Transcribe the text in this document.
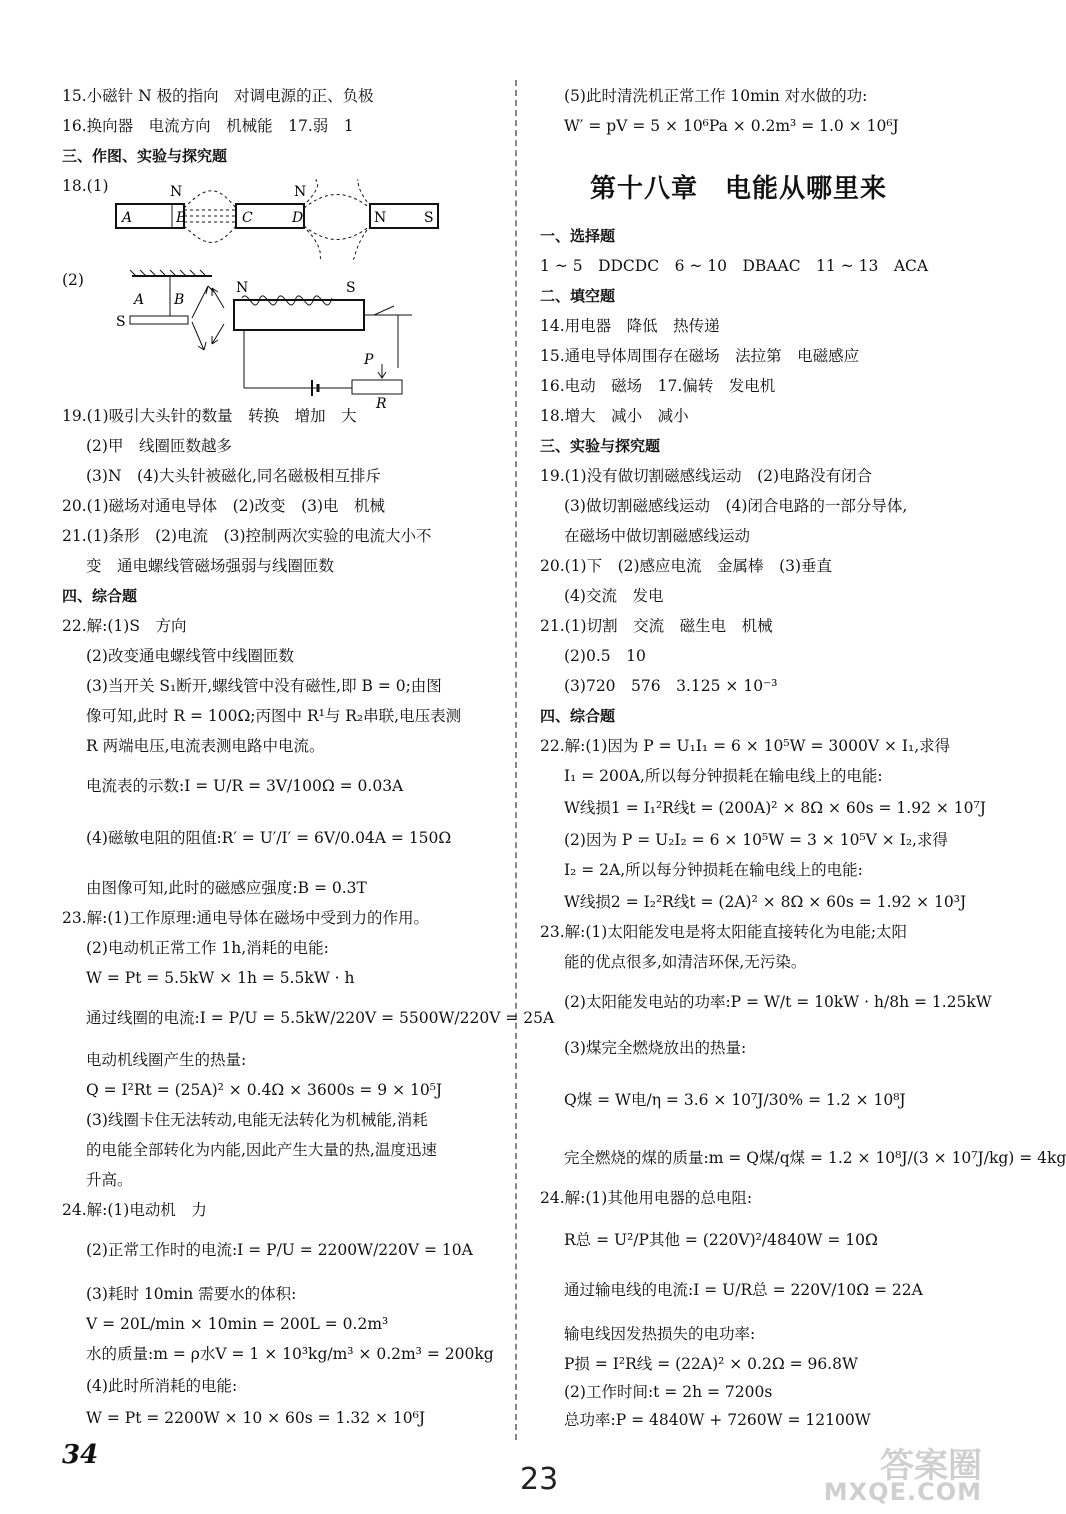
15.小磁针 N 极的指向　对调电源的正、负极
16.换向器　电流方向　机械能　17.弱　1
三、作图、实验与探究题
18.(1)
A	B	C	D
N	N
N	S
(2)
A B
S
N	S
P
R
19.(1)吸引大头针的数量　转换　增加　大
(2)甲　线圈匝数越多
(3)N　(4)大头针被磁化,同名磁极相互排斥
20.(1)磁场对通电导体　(2)改变　(3)电　机械
21.(1)条形　(2)电流　(3)控制两次实验的电流大小不
变　通电螺线管磁场强弱与线圈匝数
四、综合题
22.解:(1)S　方向
(2)改变通电螺线管中线圈匝数
(3)当开关 S₁断开,螺线管中没有磁性,即 B = 0;由图
像可知,此时 R = 100Ω;丙图中 R¹与 R₂串联,电压表测
R 两端电压,电流表测电路中电流。
电流表的示数:I = U/R = 3V/100Ω = 0.03A
(4)磁敏电阻的阻值:R′ = U′/I′ = 6V/0.04A = 150Ω
由图像可知,此时的磁感应强度:B = 0.3T
23.解:(1)工作原理:通电导体在磁场中受到力的作用。
(2)电动机正常工作 1h,消耗的电能:
W = Pt = 5.5kW × 1h = 5.5kW · h
通过线圈的电流:I = P/U = 5.5kW/220V = 5500W/220V = 25A
电动机线圈产生的热量:
Q = I²Rt = (25A)² × 0.4Ω × 3600s = 9 × 10⁵J
(3)线圈卡住无法转动,电能无法转化为机械能,消耗
的电能全部转化为内能,因此产生大量的热,温度迅速
升高。
24.解:(1)电动机　力
(2)正常工作时的电流:I = P/U = 2200W/220V = 10A
(3)耗时 10min 需要水的体积:
V = 20L/min × 10min = 200L = 0.2m³
水的质量:m = ρ水V = 1 × 10³kg/m³ × 0.2m³ = 200kg
(4)此时所消耗的电能:
W = Pt = 2200W × 10 × 60s = 1.32 × 10⁶J
(5)此时清洗机正常工作 10min 对水做的功:
W′ = pV = 5 × 10⁶Pa × 0.2m³ = 1.0 × 10⁶J
第十八章　电能从哪里来
一、选择题
1 ~ 5　DDCDC　6 ~ 10　DBAAC　11 ~ 13　ACA
二、填空题
14.用电器　降低　热传递
15.通电导体周围存在磁场　法拉第　电磁感应
16.电动　磁场　17.偏转　发电机
18.增大　减小　减小
三、实验与探究题
19.(1)没有做切割磁感线运动　(2)电路没有闭合
(3)做切割磁感线运动　(4)闭合电路的一部分导体,
在磁场中做切割磁感线运动
20.(1)下　(2)感应电流　金属棒　(3)垂直
(4)交流　发电
21.(1)切割　交流　磁生电　机械
(2)0.5　10
(3)720　576　3.125 × 10⁻³
四、综合题
22.解:(1)因为 P = U₁I₁ = 6 × 10⁵W = 3000V × I₁,求得
I₁ = 200A,所以每分钟损耗在输电线上的电能:
W线损1 = I₁²R线t = (200A)² × 8Ω × 60s = 1.92 × 10⁷J
(2)因为 P = U₂I₂ = 6 × 10⁵W = 3 × 10⁵V × I₂,求得
I₂ = 2A,所以每分钟损耗在输电线上的电能:
W线损2 = I₂²R线t = (2A)² × 8Ω × 60s = 1.92 × 10³J
23.解:(1)太阳能发电是将太阳能直接转化为电能;太阳
能的优点很多,如清洁环保,无污染。
(2)太阳能发电站的功率:P = W/t = 10kW · h/8h = 1.25kW
(3)煤完全燃烧放出的热量:
Q煤 = W电/η = 3.6 × 10⁷J/30% = 1.2 × 10⁸J
完全燃烧的煤的质量:m = Q煤/q煤 = 1.2 × 10⁸J/(3 × 10⁷J/kg) = 4kg
24.解:(1)其他用电器的总电阻:
R总 = U²/P其他 = (220V)²/4840W = 10Ω
通过输电线的电流:I = U/R总 = 220V/10Ω = 22A
输电线因发热损失的电功率:
P损 = I²R线 = (22A)² × 0.2Ω = 96.8W
(2)工作时间:t = 2h = 7200s
总功率:P = 4840W + 7260W = 12100W
34
23	答案圈
MXQE.COM
